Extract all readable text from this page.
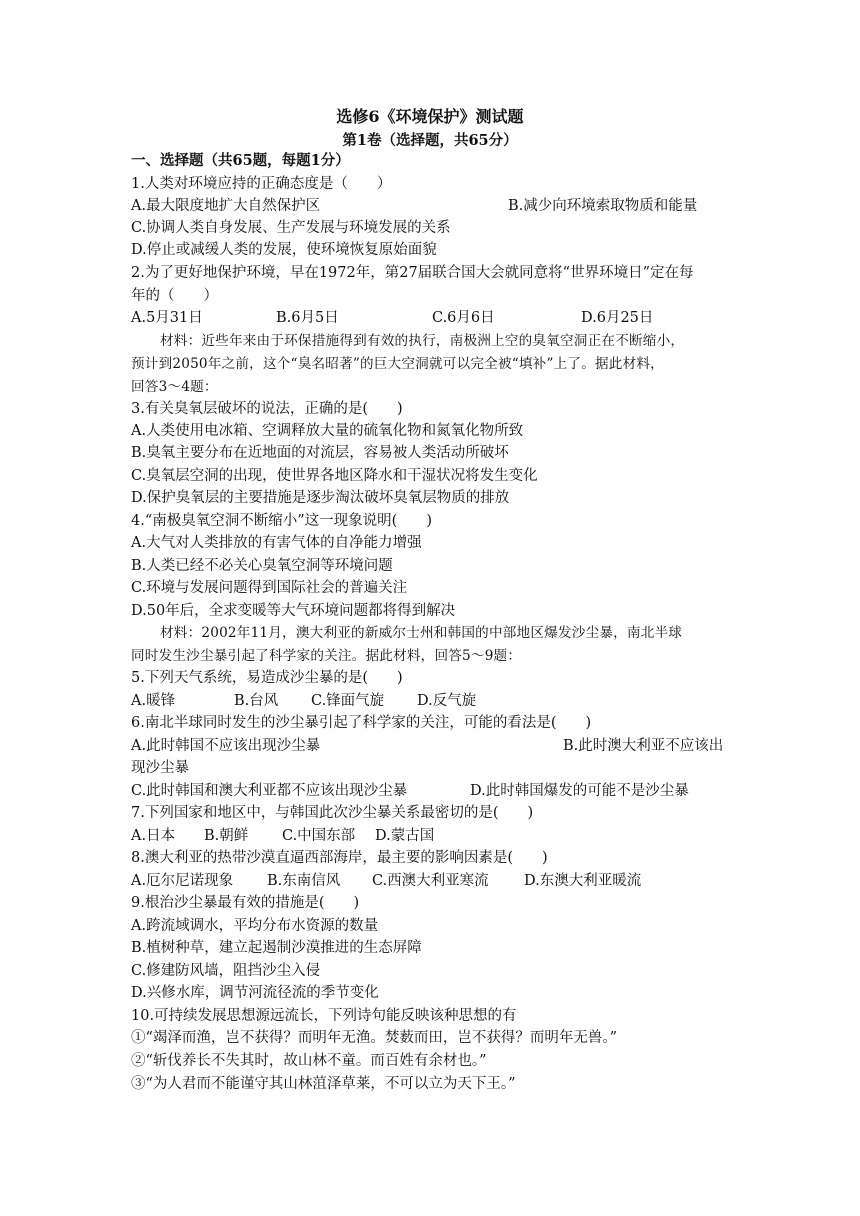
选修6《环境保护》测试题
第1卷（选择题，共65分）
一、选择题（共65题，每题1分）
1.人类对环境应持的正确态度是（　　）
A.最大限度地扩大自然保护区	B.减少向环境索取物质和能量
C.协调人类自身发展、生产发展与环境发展的关系
D.停止或减缓人类的发展，使环境恢复原始面貌
2.为了更好地保护环境，早在1972年，第27届联合国大会就同意将“世界环境日”定在每
年的（　　）
A.5月31日	B.6月5日	C.6月6日	D.6月25日
材料：近些年来由于环保措施得到有效的执行，南极洲上空的臭氧空洞正在不断缩小，
预计到2050年之前，这个“臭名昭著”的巨大空洞就可以完全被“填补”上了。据此材料，
回答3～4题：
3.有关臭氧层破坏的说法，正确的是(　　)
A.人类使用电冰箱、空调释放大量的硫氧化物和氮氧化物所致
B.臭氧主要分布在近地面的对流层，容易被人类活动所破坏
C.臭氧层空洞的出现，使世界各地区降水和干湿状况将发生变化
D.保护臭氧层的主要措施是逐步淘汰破坏臭氧层物质的排放
4.“南极臭氧空洞不断缩小”这一现象说明(　　)
A.大气对人类排放的有害气体的自净能力增强
B.人类已经不必关心臭氧空洞等环境问题
C.环境与发展问题得到国际社会的普遍关注
D.50年后，全求变暖等大气环境问题都将得到解决
材料：2002年11月，澳大利亚的新威尔士州和韩国的中部地区爆发沙尘暴，南北半球
同时发生沙尘暴引起了科学家的关注。据此材料，回答5～9题：
5.下列天气系统，易造成沙尘暴的是(　　)
A.暖锋	B.台风 C.锋面气旋 D.反气旋
6.南北半球同时发生的沙尘暴引起了科学家的关注，可能的看法是(　　)
A.此时韩国不应该出现沙尘暴	B.此时澳大利亚不应该出
现沙尘暴
C.此时韩国和澳大利亚都不应该出现沙尘暴	D.此时韩国爆发的可能不是沙尘暴
7.下列国家和地区中，与韩国此次沙尘暴关系最密切的是(　　)
A.日本 B.朝鲜 C.中国东部 D.蒙古国
8.澳大利亚的热带沙漠直逼西部海岸，最主要的影响因素是(　　)
A.厄尔尼诺现象 B.东南信风 C.西澳大利亚寒流 D.东澳大利亚暖流
9.根治沙尘暴最有效的措施是(　　)
A.跨流域调水，平均分布水资源的数量
B.植树种草，建立起遏制沙漠推进的生态屏障
C.修建防风墙，阻挡沙尘入侵
D.兴修水库，调节河流径流的季节变化
10.可持续发展思想源远流长，下列诗句能反映该种思想的有
①“竭泽而渔，岂不获得？而明年无渔。焚薮而田，岂不获得？而明年无兽。”
②“斩伐养长不失其时，故山林不童。而百姓有余材也。”
③“为人君而不能谨守其山林菹泽草莱，不可以立为天下王。”
